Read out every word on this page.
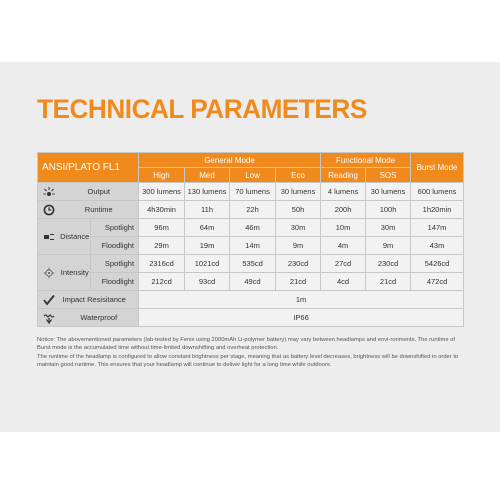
TECHNICAL PARAMETERS
ANSI/PLATO FL1			General Mode				Functional Mode		Burst Mode
			High	Med	Low	Eco	Reading	SOS	
	Output		300 lumens	130 lumens	70 lumens	30 lumens	4 lumens	30 lumens	600 lumens
	Runtime		4h30min	11h	22h	50h	200h	100h	1h20min
	Distance	Spotlight	96m	64m	46m	30m	10m	30m	147m
		Floodlight	29m	19m	14m	9m	4m	9m	43m
	Intensity	Spotlight	2316cd	1021cd	535cd	230cd	27cd	230cd	5426cd
		Floodlight	212cd	93cd	49cd	21cd	4cd	21cd	472cd
	Impact Resisitance		1m						
	Waterproof		IP66						

Notice: The abovementioned parameters (lab-tested by Fenix using 2000mAh Li-polymer battery) may vary between headlamps and envi-ronments. The runtime of Burst mode is the accumulated time without time-limited downshifting and overheat protection.

The runtime of the headlamp is configured to allow constant brightness per stage, meaning that as battery level decreases, brightness will be downshifted in order to maintain good runtime. This ensures that your headlamp will continue to deliver light for a long time while outdoors.
